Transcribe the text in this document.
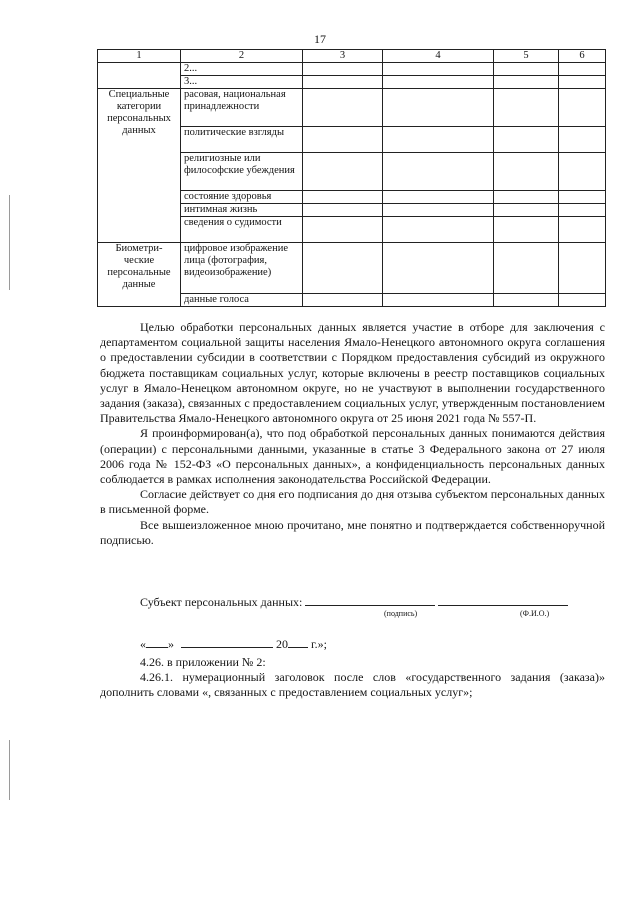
17
1	2	3	4	5	6
	2...				
	3...				
Специальные категории персональных данных	расовая, национальная принадлежности				
	политические взгляды				
	религиозные или философские убеждения				
	состояние здоровья				
	интимная жизнь				
	сведения о судимости				
Биометри-ческие персональные данные	цифровое изображение лица (фотография, видеоизображение)				
	данные голоса				

Целью обработки персональных данных является участие в отборе для заключения с департаментом социальной защиты населения Ямало-Ненецкого автономного округа соглашения о предоставлении субсидии в соответствии с Порядком предоставления субсидий из окружного бюджета поставщикам социальных услуг, которые включены в реестр поставщиков социальных услуг в Ямало-Ненецком автономном округе, но не участвуют в выполнении государственного задания (заказа), связанных с предоставлением социальных услуг, утвержденным постановлением Правительства Ямало-Ненецкого автономного округа от 25 июня 2021 года № 557-П.

Я проинформирован(а), что под обработкой персональных данных понимаются действия (операции) с персональными данными, указанные в статье 3 Федерального закона от 27 июля 2006 года № 152-ФЗ «О персональных данных», а конфиденциальность персональных данных соблюдается в рамках исполнения законодательства Российской Федерации.

Согласие действует со дня его подписания до дня отзыва субъектом персональных данных в письменной форме.

Все вышеизложенное мною прочитано, мне понятно и подтверждается собственноручной подписью.

Субъект персональных данных:
(подпись)	(Ф.И.О.)
« »	20 г.»;

4.26. в приложении № 2:

4.26.1. нумерационный заголовок после слов «государственного задания (заказа)» дополнить словами «, связанных с предоставлением социальных услуг»;
